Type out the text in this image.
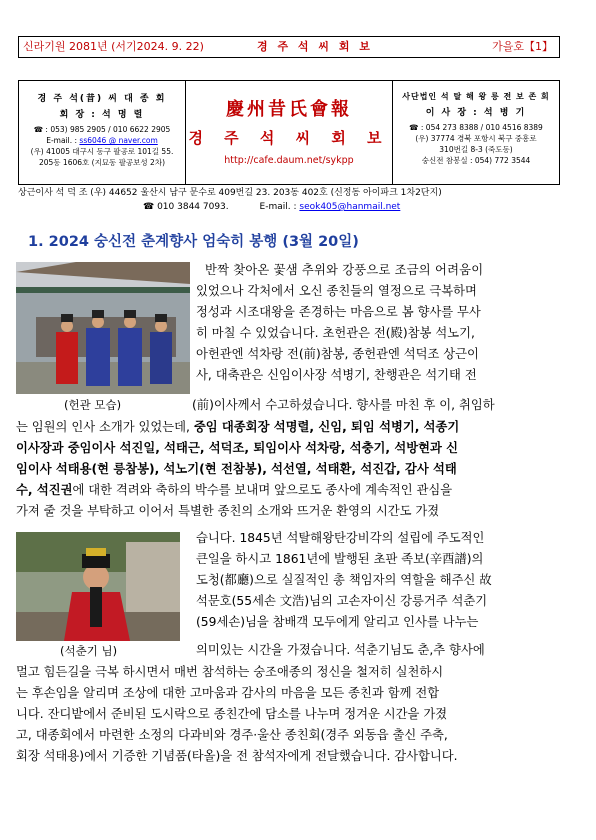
신라기원 2081년 (서기2024. 9. 22)	경 주 석 씨 회 보	가을호【1】
경 주 석(昔) 씨 대 종 회
회 장 : 석 명 렬
☎ : 053) 985 2905 / 010 6622 2905
E-mail. : ss6046 @ naver.com
(우) 41005 대구시 동구 팔공로 101길 55.
205동 1606호 (지묘동 팔공보성 2차)
慶州昔氏會報
경 주 석 씨 회 보
http://cafe.daum.net/sykpp
사단법인 석 탈 해 왕 릉 전 보 존 회
이 사 장 : 석 병 기
☎ : 054 273 8388 / 010 4516 8389
(우) 37774 경북 포항시 북구 중흥로
310번길 8-3 (죽도동)
숭신전 참봉실 : 054) 772 3544
상근이사 석 덕 조 (우) 44652 울산시 남구 문수로 409번길 23. 203동 402호 (신정동 아이파크 1차2단지)
☎ 010 3844 7093.	E-mail. : seok405@hanmail.net
1. 2024 숭신전 춘계향사 엄숙히 봉행 (3월 20일)
(헌관 모습)
반짝 찾아온 꽃샘 추위와 강풍으로 조금의 어려움이
있었으나 각처에서 오신 종친들의 열정으로 극복하며
정성과 시조대왕을 존경하는 마음으로 봄 향사를 무사
히 마칠 수 있었습니다. 초헌관은 전(殿)참봉 석노기,
아헌관엔 석차랑 전(前)참봉, 종헌관엔 석덕조 상근이
사, 대축관은 신임이사장 석병기, 찬행관은 석기태 전
(前)이사께서 수고하셨습니다. 향사를 마친 후 이, 취임하
는 임원의 인사 소개가 있었는데, 중임 대종회장 석명렬, 신임, 퇴임 석병기, 석종기
이사장과 중임이사 석진일, 석태근, 석덕조, 퇴임이사 석차랑, 석충기, 석방현과 신
임이사 석태용(현 릉참봉), 석노기(현 전참봉), 석선열, 석태환, 석진갑, 감사 석태
수, 석진권에 대한 격려와 축하의 박수를 보내며 앞으로도 종사에 계속적인 관심을
가져 줄 것을 부탁하고 이어서 특별한 종친의 소개와 뜨거운 환영의 시간도 가졌
(석춘기 님)
습니다. 1845년 석탈해왕탄강비각의 설립에 주도적인
큰일을 하시고 1861년에 발행된 초판 족보(辛酉譜)의
도청(都廳)으로 실질적인 총 책임자의 역할을 해주신 故
석문호(55세손 文浩)님의 고손자이신 강릉거주 석춘기
(59세손)님을 참배객 모두에게 알리고 인사를 나누는
의미있는 시간을 가졌습니다. 석춘기님도 춘,추 향사에
멀고 힘든길을 극복 하시면서 매번 참석하는 숭조애종의 정신을 철저히 실천하시
는 후손임을 알리며 조상에 대한 고마움과 감사의 마음을 모든 종친과 함께 전합
니다. 잔디밭에서 준비된 도시락으로 종친간에 담소를 나누며 정겨운 시간을 가졌
고, 대종회에서 마련한 소정의 다과비와 경주·울산 종친회(경주 외동읍 출신 주축,
회장 석태용)에서 기증한 기념품(타올)을 전 참석자에게 전달했습니다. 감사합니다.
